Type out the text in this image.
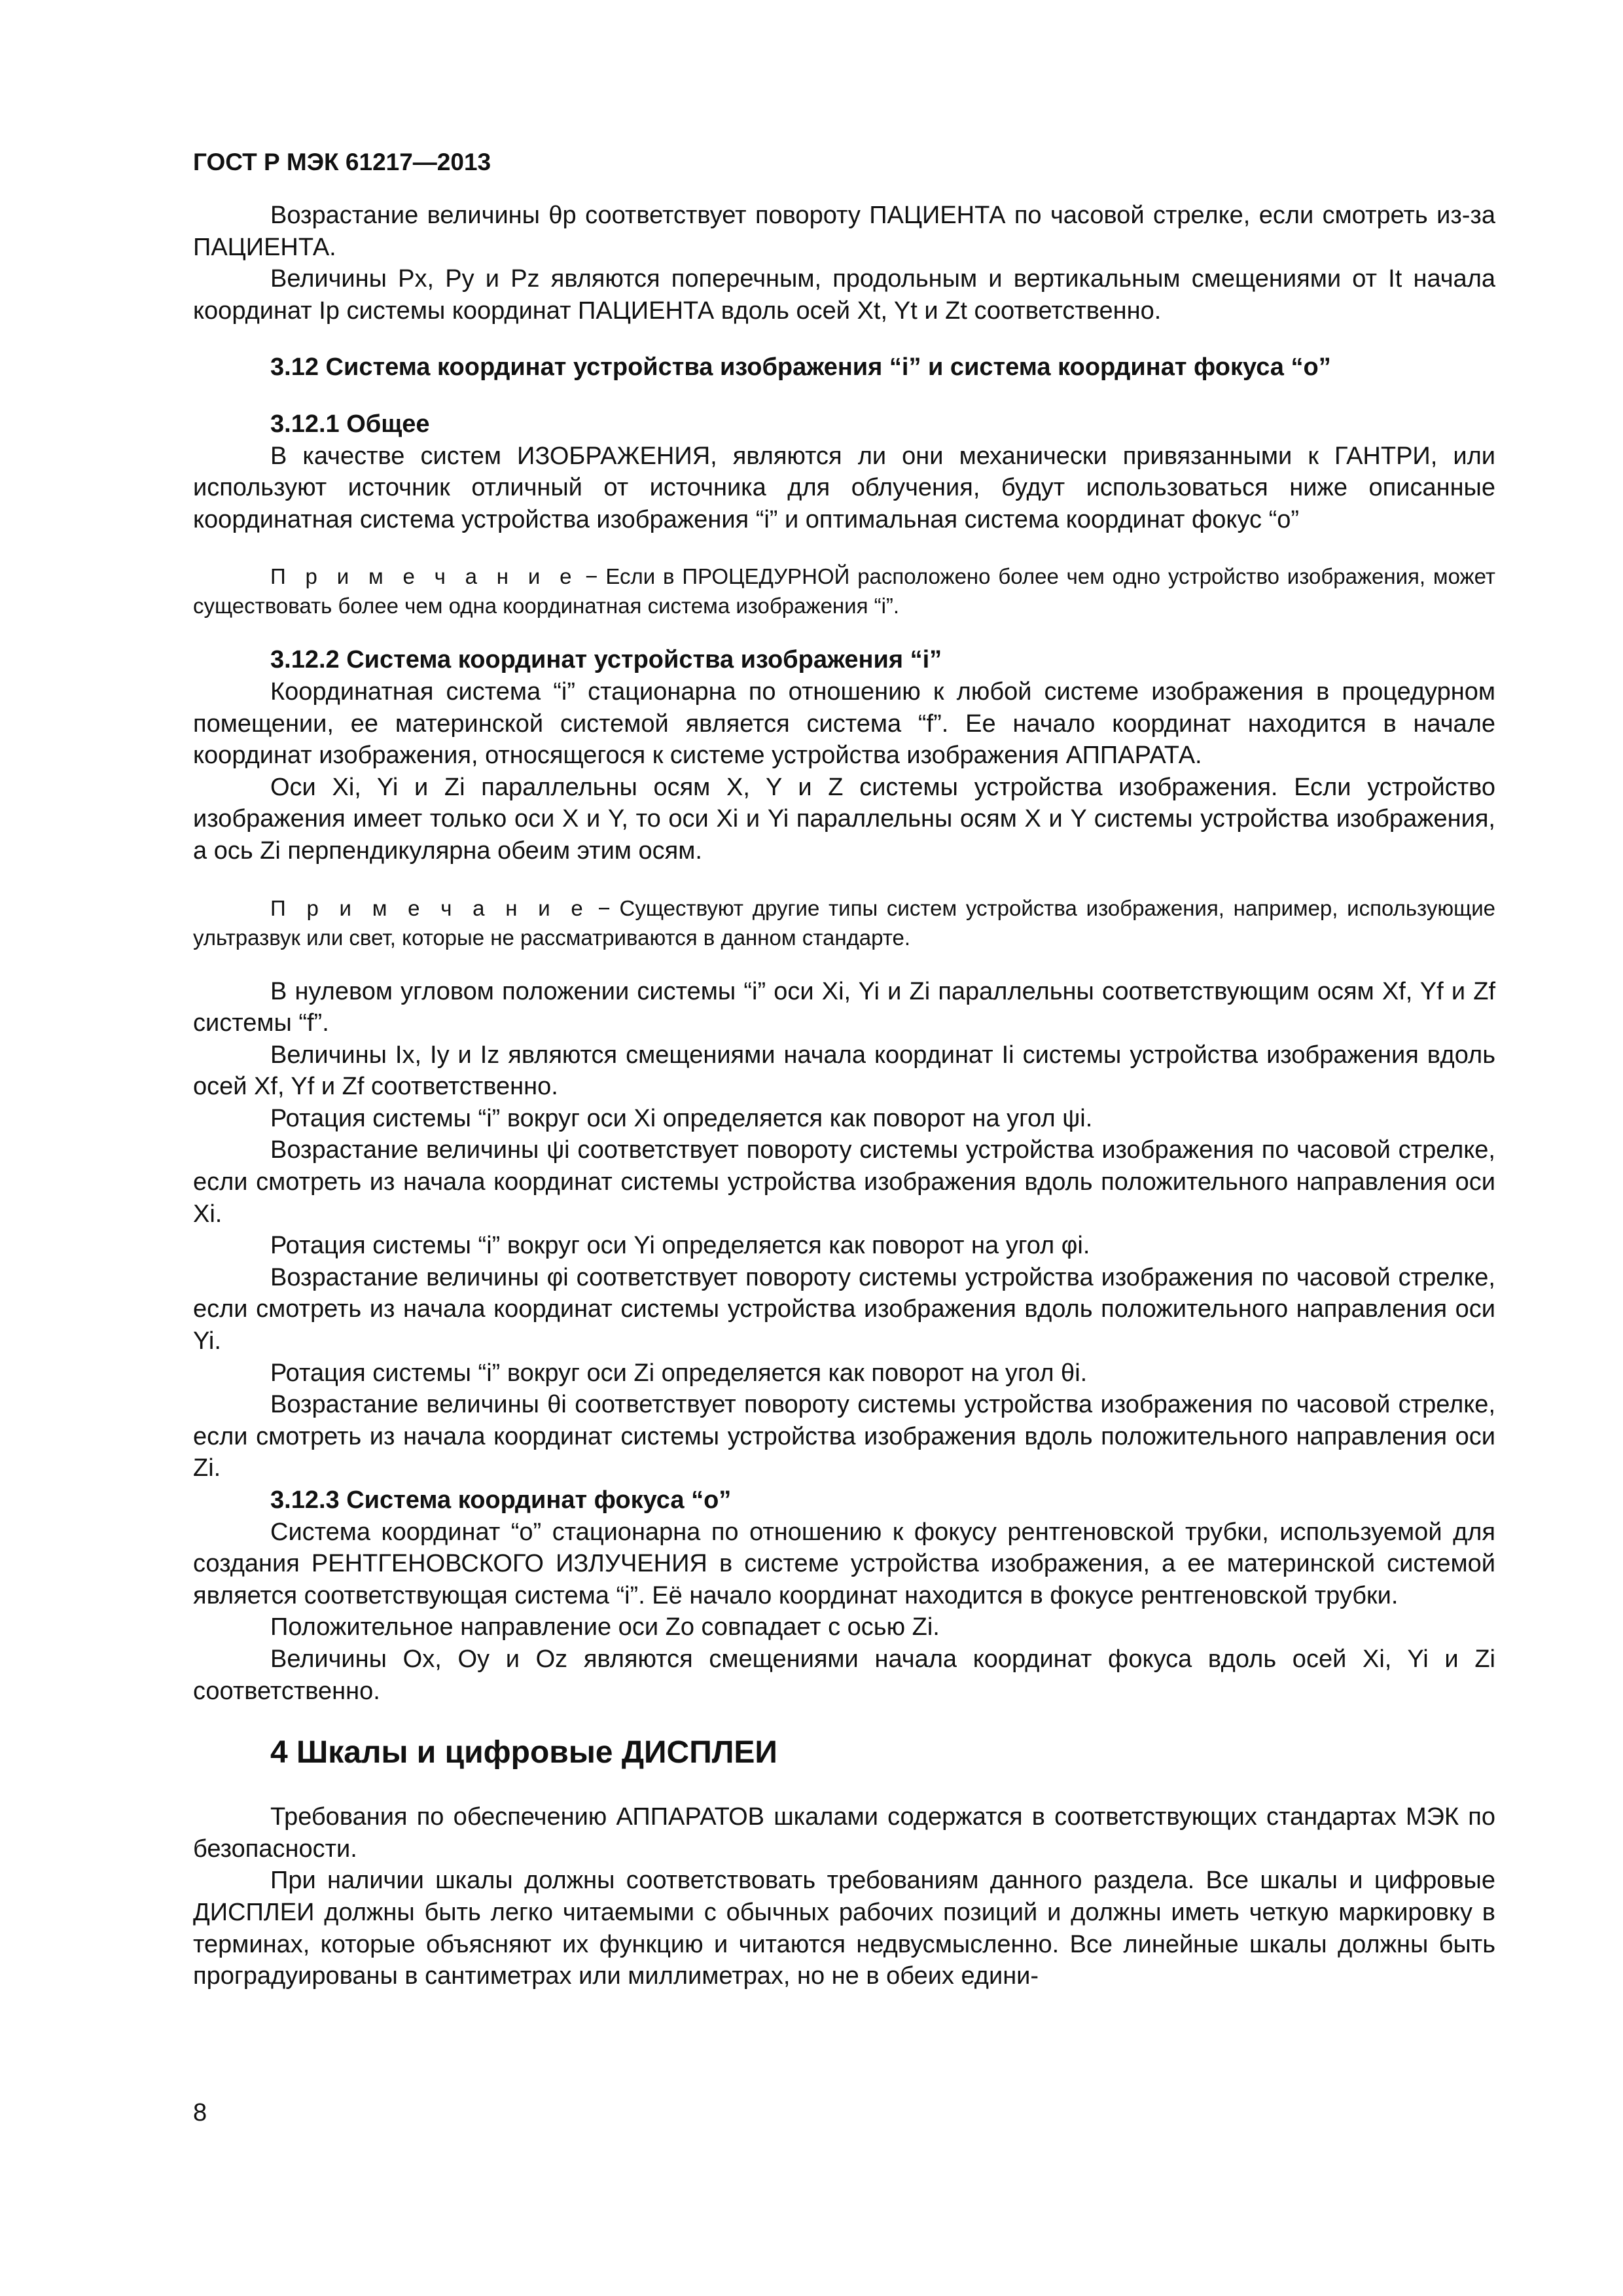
ГОСТ Р МЭК 61217—2013

Возрастание величины θр соответствует повороту ПАЦИЕНТА по часовой стрелке, если смотреть из-за ПАЦИЕНТА.

Величины Px, Py и Pz являются поперечным, продольным и вертикальным смещениями от It начала координат Ip системы координат ПАЦИЕНТА вдоль осей Xt, Yt и Zt соответственно.

3.12 Система координат устройства изображения “i” и система координат фокуса “o”
3.12.1 Общее

В качестве систем ИЗОБРАЖЕНИЯ, являются ли они механически привязанными к ГАНТРИ, или используют источник отличный от источника для облучения, будут использоваться ниже описанные координатная система устройства изображения “i” и оптимальная система координат фокус “o”

П р и м е ч а н и е − Если в ПРОЦЕДУРНОЙ расположено более чем одно устройство изображения, может существовать более чем одна координатная система изображения “i”.
3.12.2 Система координат устройства изображения “i”

Координатная система “i” стационарна по отношению к любой системе изображения в процедурном помещении, ее материнской системой является система “f”. Ее начало координат находится в начале координат изображения, относящегося к системе устройства изображения АППАРАТА.

Оси Xi, Yi и Zi параллельны осям X, Y и Z системы устройства изображения. Если устройство изображения имеет только оси X и Y, то оси Xi и Yi параллельны осям X и Y системы устройства изображения, а ось Zi перпендикулярна обеим этим осям.

П р и м е ч а н и е − Существуют другие типы систем устройства изображения, например, использующие ультразвук или свет, которые не рассматриваются в данном стандарте.

В нулевом угловом положении системы “i” оси Xi, Yi и Zi параллельны соответствующим осям Xf, Yf и Zf системы “f”.

Величины Ix, Iy и Iz являются смещениями начала координат Ii системы устройства изображения вдоль осей Xf, Yf и Zf соответственно.

Ротация системы “i” вокруг оси Xi определяется как поворот на угол ψi.

Возрастание величины ψi соответствует повороту системы устройства изображения по часовой стрелке, если смотреть из начала координат системы устройства изображения вдоль положительного направления оси Xi.

Ротация системы “i” вокруг оси Yi определяется как поворот на угол φi.

Возрастание величины φi соответствует повороту системы устройства изображения по часовой стрелке, если смотреть из начала координат системы устройства изображения вдоль положительного направления оси Yi.

Ротация системы “i” вокруг оси Zi определяется как поворот на угол θi.

Возрастание величины θi соответствует повороту системы устройства изображения по часовой стрелке, если смотреть из начала координат системы устройства изображения вдоль положительного направления оси Zi.

3.12.3 Система координат фокуса “o”

Система координат “o” стационарна по отношению к фокусу рентгеновской трубки, используемой для создания РЕНТГЕНОВСКОГО ИЗЛУЧЕНИЯ в системе устройства изображения, а ее материнской системой является соответствующая система “i”. Её начало координат находится в фокусе рентгеновской трубки.

Положительное направление оси Zo совпадает с осью Zi.

Величины Ox, Oy и Oz являются смещениями начала координат фокуса вдоль осей Xi, Yi и Zi соответственно.

4 Шкалы и цифровые ДИСПЛЕИ

Требования по обеспечению АППАРАТОВ шкалами содержатся в соответствующих стандартах МЭК по безопасности.

При наличии шкалы должны соответствовать требованиям данного раздела. Все шкалы и цифровые ДИСПЛЕИ должны быть легко читаемыми с обычных рабочих позиций и должны иметь четкую маркировку в терминах, которые объясняют их функцию и читаются недвусмысленно. Все линейные шкалы должны быть проградуированы в сантиметрах или миллиметрах, но не в обеих едини-

8
